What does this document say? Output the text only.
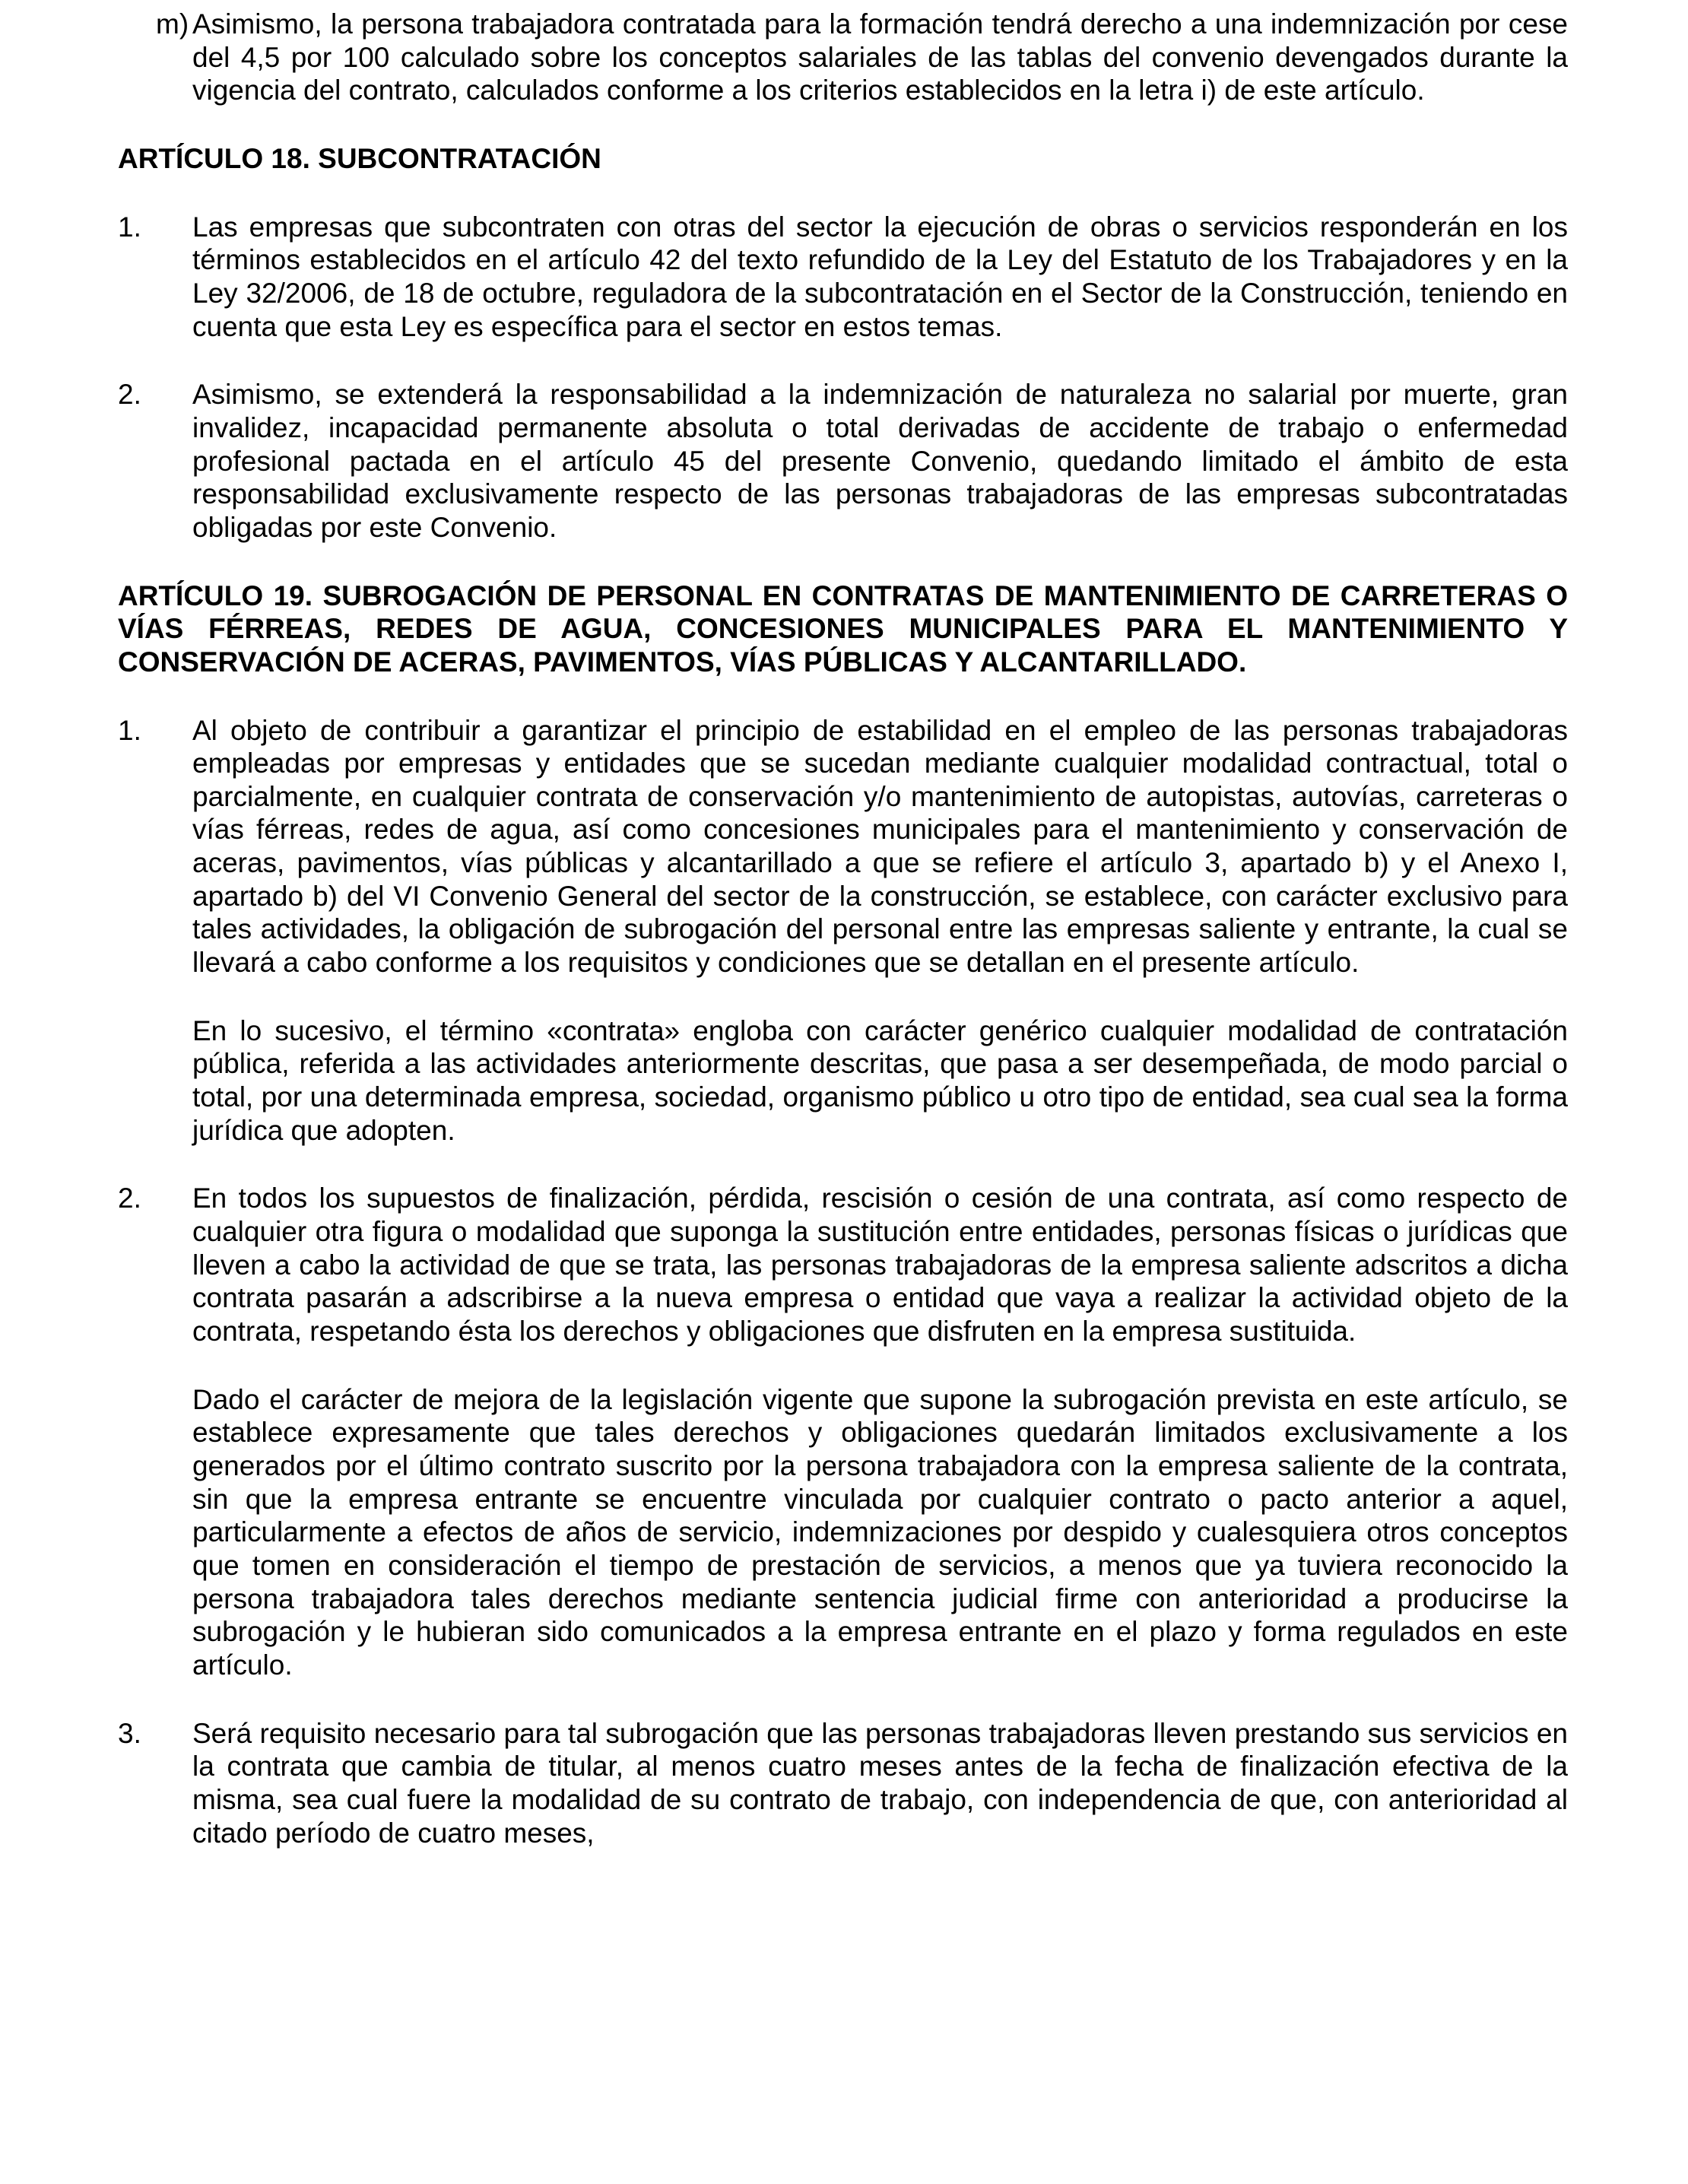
m) Asimismo, la persona trabajadora contratada para la formación tendrá derecho a una indemnización por cese del 4,5 por 100 calculado sobre los conceptos salariales de las tablas del convenio devengados durante la vigencia del contrato, calculados conforme a los criterios establecidos en la letra i) de este artículo.
ARTÍCULO 18. SUBCONTRATACIÓN
1. Las empresas que subcontraten con otras del sector la ejecución de obras o servicios responderán en los términos establecidos en el artículo 42 del texto refundido de la Ley del Estatuto de los Trabajadores y en la Ley 32/2006, de 18 de octubre, reguladora de la subcontratación en el Sector de la Construcción, teniendo en cuenta que esta Ley es específica para el sector en estos temas.
2. Asimismo, se extenderá la responsabilidad a la indemnización de naturaleza no salarial por muerte, gran invalidez, incapacidad permanente absoluta o total derivadas de accidente de trabajo o enfermedad profesional pactada en el artículo 45 del presente Convenio, quedando limitado el ámbito de esta responsabilidad exclusivamente respecto de las personas trabajadoras de las empresas subcontratadas obligadas por este Convenio.
ARTÍCULO 19. SUBROGACIÓN DE PERSONAL EN CONTRATAS DE MANTENIMIENTO DE CARRETERAS O VÍAS FÉRREAS, REDES DE AGUA, CONCESIONES MUNICIPALES PARA EL MANTENIMIENTO Y CONSERVACIÓN DE ACERAS, PAVIMENTOS, VÍAS PÚBLICAS Y ALCANTARILLADO.
1. Al objeto de contribuir a garantizar el principio de estabilidad en el empleo de las personas trabajadoras empleadas por empresas y entidades que se sucedan mediante cualquier modalidad contractual, total o parcialmente, en cualquier contrata de conservación y/o mantenimiento de autopistas, autovías, carreteras o vías férreas, redes de agua, así como concesiones municipales para el mantenimiento y conservación de aceras, pavimentos, vías públicas y alcantarillado a que se refiere el artículo 3, apartado b) y el Anexo I, apartado b) del VI Convenio General del sector de la construcción, se establece, con carácter exclusivo para tales actividades, la obligación de subrogación del personal entre las empresas saliente y entrante, la cual se llevará a cabo conforme a los requisitos y condiciones que se detallan en el presente artículo.
En lo sucesivo, el término «contrata» engloba con carácter genérico cualquier modalidad de contratación pública, referida a las actividades anteriormente descritas, que pasa a ser desempeñada, de modo parcial o total, por una determinada empresa, sociedad, organismo público u otro tipo de entidad, sea cual sea la forma jurídica que adopten.
2. En todos los supuestos de finalización, pérdida, rescisión o cesión de una contrata, así como respecto de cualquier otra figura o modalidad que suponga la sustitución entre entidades, personas físicas o jurídicas que lleven a cabo la actividad de que se trata, las personas trabajadoras de la empresa saliente adscritos a dicha contrata pasarán a adscribirse a la nueva empresa o entidad que vaya a realizar la actividad objeto de la contrata, respetando ésta los derechos y obligaciones que disfruten en la empresa sustituida.
Dado el carácter de mejora de la legislación vigente que supone la subrogación prevista en este artículo, se establece expresamente que tales derechos y obligaciones quedarán limitados exclusivamente a los generados por el último contrato suscrito por la persona trabajadora con la empresa saliente de la contrata, sin que la empresa entrante se encuentre vinculada por cualquier contrato o pacto anterior a aquel, particularmente a efectos de años de servicio, indemnizaciones por despido y cualesquiera otros conceptos que tomen en consideración el tiempo de prestación de servicios, a menos que ya tuviera reconocido la persona trabajadora tales derechos mediante sentencia judicial firme con anterioridad a producirse la subrogación y le hubieran sido comunicados a la empresa entrante en el plazo y forma regulados en este artículo.
3. Será requisito necesario para tal subrogación que las personas trabajadoras lleven prestando sus servicios en la contrata que cambia de titular, al menos cuatro meses antes de la fecha de finalización efectiva de la misma, sea cual fuere la modalidad de su contrato de trabajo, con independencia de que, con anterioridad al citado período de cuatro meses,
